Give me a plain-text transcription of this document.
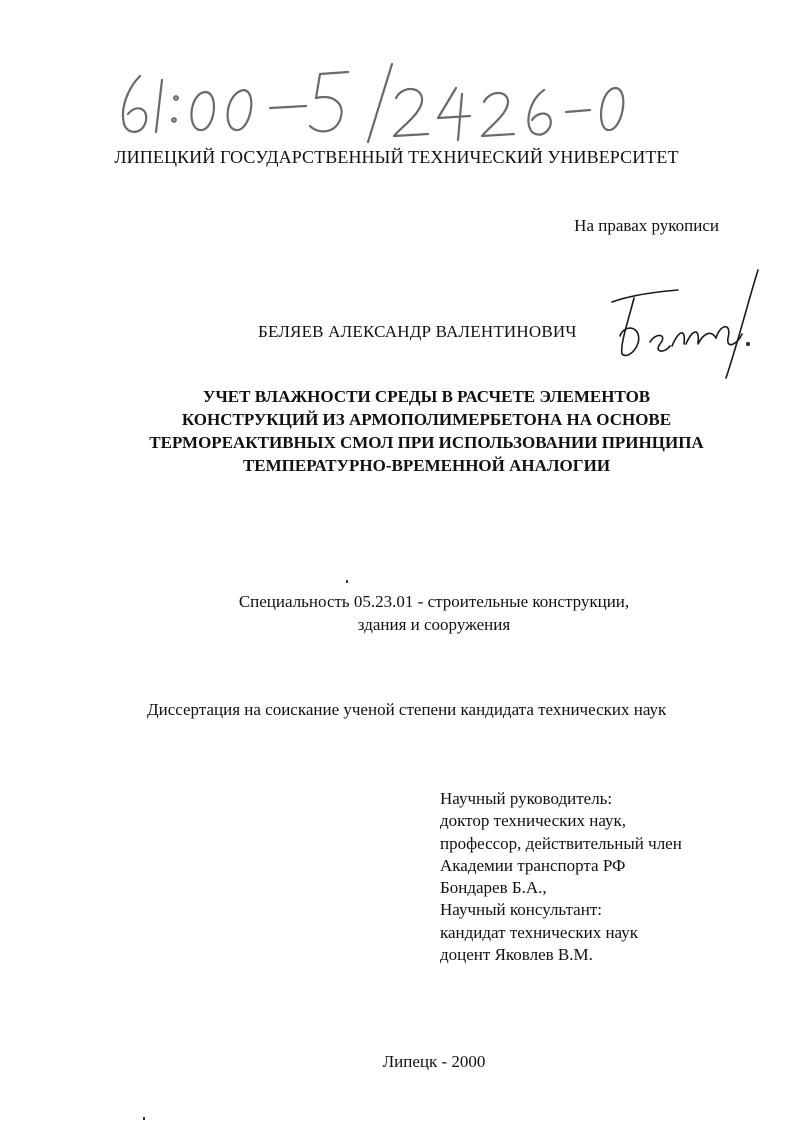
ЛИПЕЦКИЙ ГОСУДАРСТВЕННЫЙ ТЕХНИЧЕСКИЙ УНИВЕРСИТЕТ
На правах рукописи
БЕЛЯЕВ АЛЕКСАНДР ВАЛЕНТИНОВИЧ
УЧЕТ ВЛАЖНОСТИ СРЕДЫ В РАСЧЕТЕ ЭЛЕМЕНТОВ
КОНСТРУКЦИЙ ИЗ АРМОПОЛИМЕРБЕТОНА НА ОСНОВЕ
ТЕРМОРЕАКТИВНЫХ СМОЛ ПРИ ИСПОЛЬЗОВАНИИ ПРИНЦИПА
ТЕМПЕРАТУРНО-ВРЕМЕННОЙ АНАЛОГИИ
Специальность 05.23.01 - строительные конструкции,
здания и сооружения
Диссертация на соискание ученой степени кандидата технических наук
Научный руководитель:
доктор технических наук,
профессор, действительный член
Академии транспорта РФ
Бондарев Б.А.,
Научный консультант:
кандидат технических наук
доцент Яковлев В.М.
Липецк - 2000
